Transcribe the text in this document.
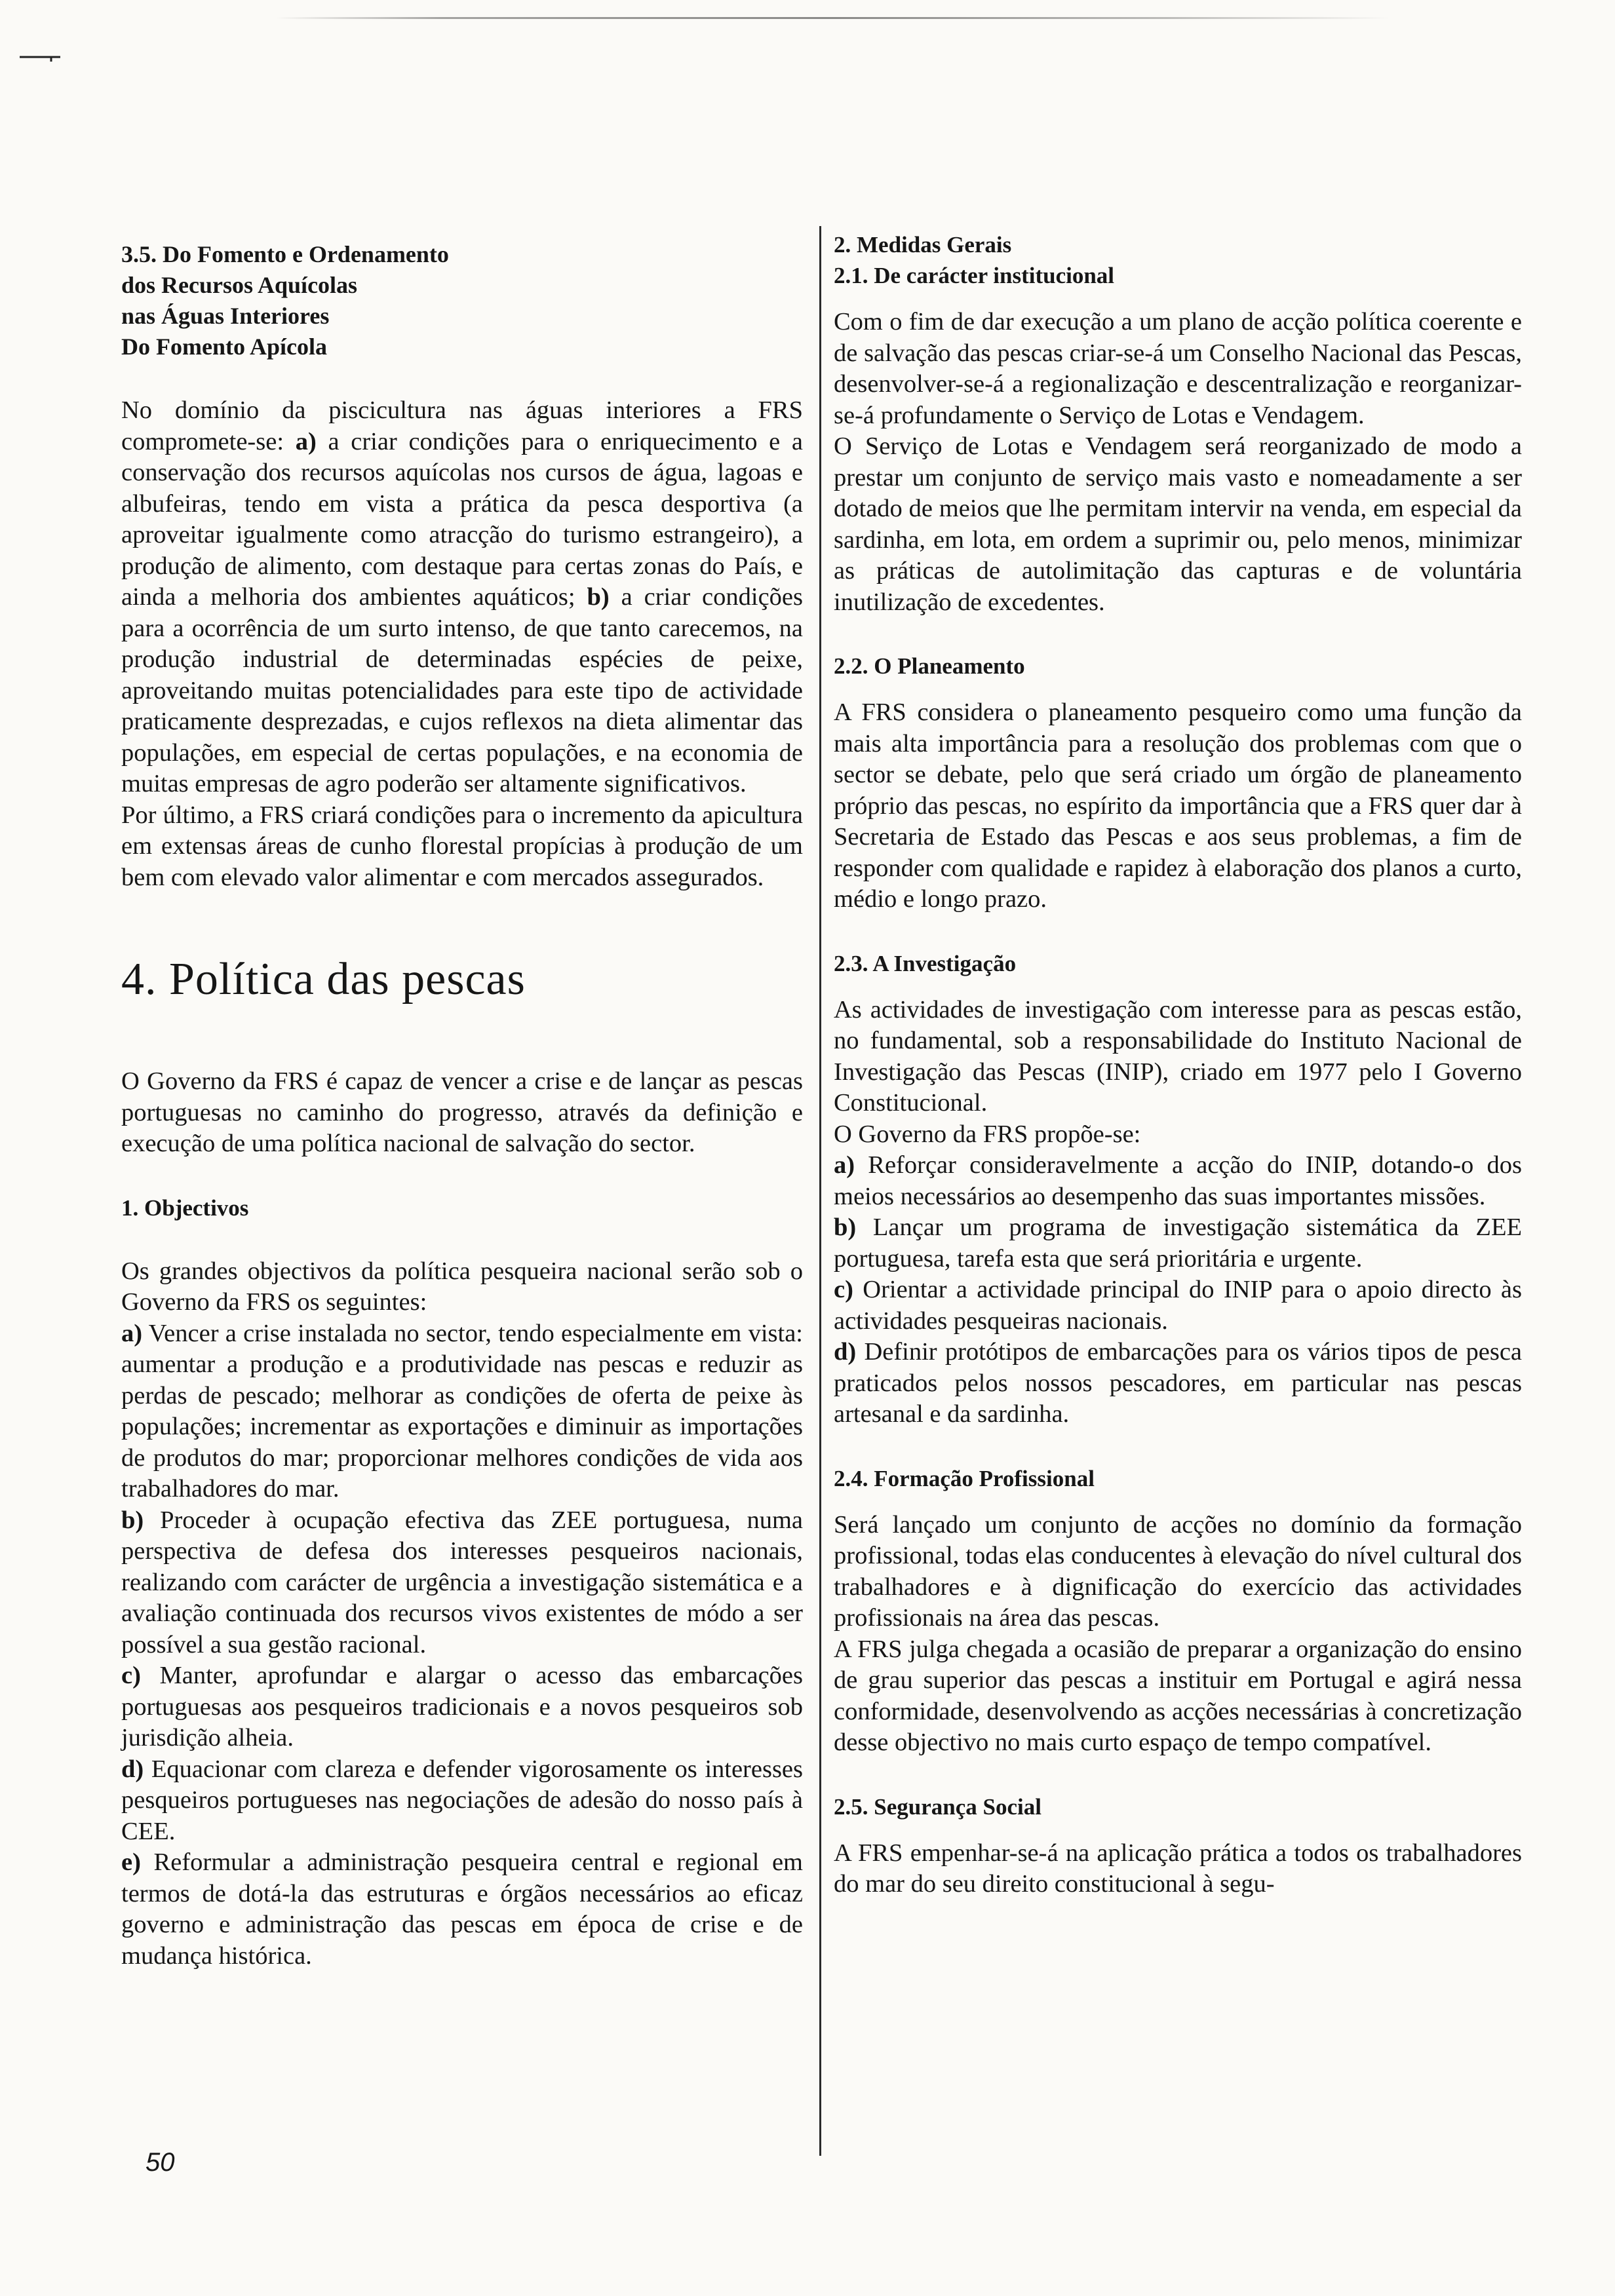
3.5. Do Fomento e Ordenamento
dos Recursos Aquícolas
nas Águas Interiores
Do Fomento Apícola

No domínio da piscicultura nas águas interiores a FRS compromete-se: a) a criar condições para o enriquecimento e a conservação dos recursos aquícolas nos cursos de água, lagoas e albufeiras, tendo em vista a prática da pesca desportiva (a aproveitar igualmente como atracção do turismo estrangeiro), a produção de alimento, com destaque para certas zonas do País, e ainda a melhoria dos ambientes aquáticos; b) a criar condições para a ocorrência de um surto intenso, de que tanto carecemos, na produção industrial de determinadas espécies de peixe, aproveitando muitas potencialidades para este tipo de actividade praticamente desprezadas, e cujos reflexos na dieta alimentar das populações, em especial de certas populações, e na economia de muitas empresas de agro poderão ser altamente significativos.

Por último, a FRS criará condições para o incremento da apicultura em extensas áreas de cunho florestal propícias à produção de um bem com elevado valor alimentar e com mercados assegurados.

4. Política das pescas

O Governo da FRS é capaz de vencer a crise e de lançar as pescas portuguesas no caminho do progresso, através da definição e execução de uma política nacional de salvação do sector.

1. Objectivos

Os grandes objectivos da política pesqueira nacional serão sob o Governo da FRS os seguintes:

a) Vencer a crise instalada no sector, tendo especialmente em vista: aumentar a produção e a produtividade nas pescas e reduzir as perdas de pescado; melhorar as condições de oferta de peixe às populações; incrementar as exportações e diminuir as importações de produtos do mar; proporcionar melhores condições de vida aos trabalhadores do mar.

b) Proceder à ocupação efectiva das ZEE portuguesa, numa perspectiva de defesa dos interesses pesqueiros nacionais, realizando com carácter de urgência a investigação sistemática e a avaliação continuada dos recursos vivos existentes de módo a ser possível a sua gestão racional.

c) Manter, aprofundar e alargar o acesso das embarcações portuguesas aos pesqueiros tradicionais e a novos pesqueiros sob jurisdição alheia.

d) Equacionar com clareza e defender vigorosamente os interesses pesqueiros portugueses nas negociações de adesão do nosso país à CEE.

e) Reformular a administração pesqueira central e regional em termos de dotá-la das estruturas e órgãos necessários ao eficaz governo e administração das pescas em época de crise e de mudança histórica.

2. Medidas Gerais
2.1. De carácter institucional

Com o fim de dar execução a um plano de acção política coerente e de salvação das pescas criar-se-á um Conselho Nacional das Pescas, desenvolver-se-á a regionalização e descentralização e reorganizar-se-á profundamente o Serviço de Lotas e Vendagem.

O Serviço de Lotas e Vendagem será reorganizado de modo a prestar um conjunto de serviço mais vasto e nomeadamente a ser dotado de meios que lhe permitam intervir na venda, em especial da sardinha, em lota, em ordem a suprimir ou, pelo menos, minimizar as práticas de autolimitação das capturas e de voluntária inutilização de excedentes.

2.2. O Planeamento

A FRS considera o planeamento pesqueiro como uma função da mais alta importância para a resolução dos problemas com que o sector se debate, pelo que será criado um órgão de planeamento próprio das pescas, no espírito da importância que a FRS quer dar à Secretaria de Estado das Pescas e aos seus problemas, a fim de responder com qualidade e rapidez à elaboração dos planos a curto, médio e longo prazo.

2.3. A Investigação

As actividades de investigação com interesse para as pescas estão, no fundamental, sob a responsabilidade do Instituto Nacional de Investigação das Pescas (INIP), criado em 1977 pelo I Governo Constitucional.

O Governo da FRS propõe-se:

a) Reforçar consideravelmente a acção do INIP, dotando-o dos meios necessários ao desempenho das suas importantes missões.

b) Lançar um programa de investigação sistemática da ZEE portuguesa, tarefa esta que será prioritária e urgente.

c) Orientar a actividade principal do INIP para o apoio directo às actividades pesqueiras nacionais.

d) Definir protótipos de embarcações para os vários tipos de pesca praticados pelos nossos pescadores, em particular nas pescas artesanal e da sardinha.

2.4. Formação Profissional

Será lançado um conjunto de acções no domínio da formação profissional, todas elas conducentes à elevação do nível cultural dos trabalhadores e à dignificação do exercício das actividades profissionais na área das pescas.

A FRS julga chegada a ocasião de preparar a organização do ensino de grau superior das pescas a instituir em Portugal e agirá nessa conformidade, desenvolvendo as acções necessárias à concretização desse objectivo no mais curto espaço de tempo compatível.

2.5. Segurança Social

A FRS empenhar-se-á na aplicação prática a todos os trabalhadores do mar do seu direito constitucional à segu-

50
